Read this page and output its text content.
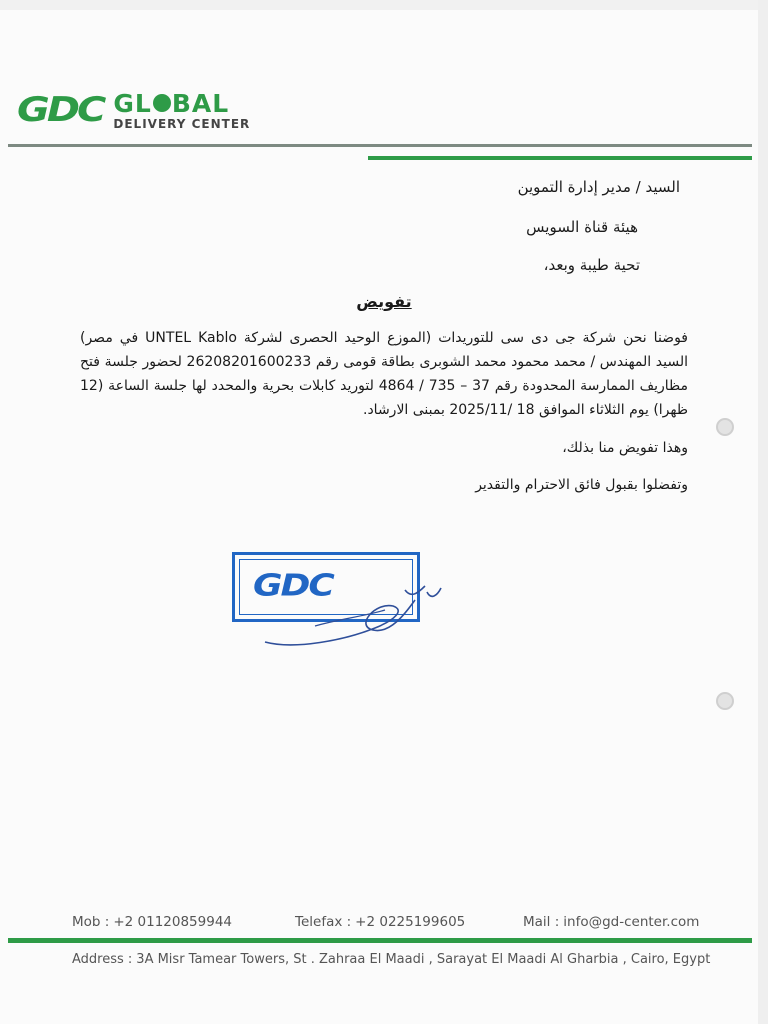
GDC GL BAL
DELIVERY CENTER
السيد / مدير إدارة التموين
هيئة قناة السويس
تحية طيبة وبعد،
تفويض
فوضنا نحن شركة جى دى سى للتوريدات (الموزع الوحيد الحصرى لشركة UNTEL Kablo في مصر) السيد المهندس / محمد محمود محمد الشوبرى بطاقة قومى رقم 26208201600233 لحضور جلسة فتح مظاريف الممارسة المحدودة رقم 37 – 735 / 4864 لتوريد كابلات بحرية والمحدد لها جلسة الساعة (12 ظهرا) يوم الثلاثاء الموافق 18 /2025/11 بمبنى الارشاد.
وهذا تفويض منا بذلك،
وتفضلوا بقبول فائق الاحترام والتقدير
GDC
Mob : +2 01120859944	Telefax : +2 0225199605	Mail : info@gd-center.com
Address : 3A Misr Tamear Towers, St . Zahraa El Maadi , Sarayat El Maadi Al Gharbia , Cairo, Egypt
